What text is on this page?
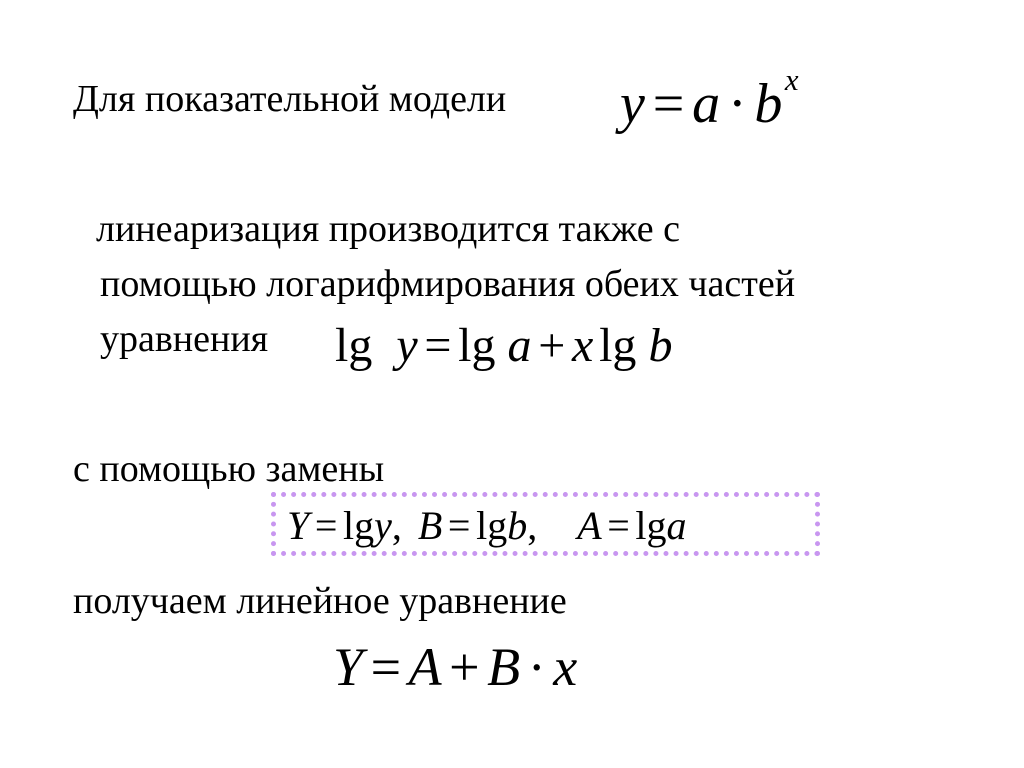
Для показательной модели $y = a \cdot b^x$
линеаризация производится также с
помощью логарифмирования обеих частей
уравнения lg y = lg a + x lg b
с помощью замены
Y = lgy, B = lgb, A = lga
получаем линейное уравнение
Y = A + B · x
